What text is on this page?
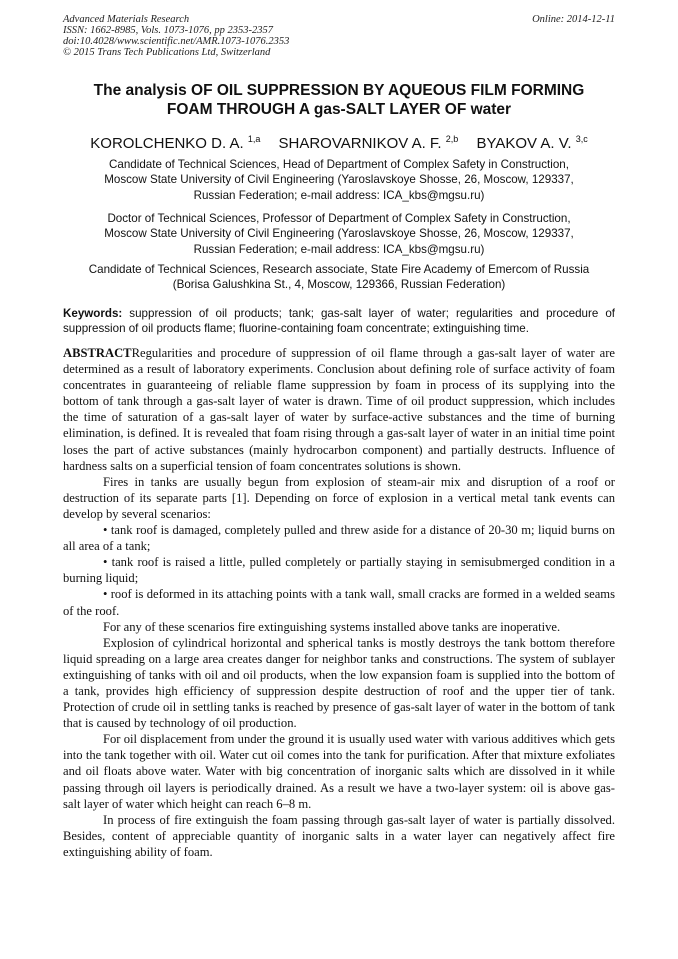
Advanced Materials Research
ISSN: 1662-8985, Vols. 1073-1076, pp 2353-2357
doi:10.4028/www.scientific.net/AMR.1073-1076.2353
© 2015 Trans Tech Publications Ltd, Switzerland
Online: 2014-12-11
The analysis OF OIL SUPPRESSION BY AQUEOUS FILM FORMING
FOAM THROUGH A gas-SALT LAYER OF water
KOROLCHENKO D. A. $^{1,a}$ SHAROVARNIKOV A. F. $^{2,b}$ BYAKOV A. V. $^{3,c}$
Candidate of Technical Sciences, Head of Department of Complex Safety in Construction,
Moscow State University of Civil Engineering (Yaroslavskoye Shosse, 26, Moscow, 129337,
Russian Federation; e-mail address: ICA_kbs@mgsu.ru)
Doctor of Technical Sciences, Professor of Department of Complex Safety in Construction,
Moscow State University of Civil Engineering (Yaroslavskoye Shosse, 26, Moscow, 129337,
Russian Federation; e-mail address: ICA_kbs@mgsu.ru)
Candidate of Technical Sciences, Research associate, State Fire Academy of Emercom of Russia
(Borisa Galushkina St., 4, Moscow, 129366, Russian Federation)
Keywords: suppression of oil products; tank; gas-salt layer of water; regularities and procedure of suppression of oil products flame; fluorine-containing foam concentrate; extinguishing time.

ABSTRACTRegularities and procedure of suppression of oil flame through a gas-salt layer of water are determined as a result of laboratory experiments. Conclusion about defining role of surface activity of foam concentrates in guaranteeing of reliable flame suppression by foam in process of its supplying into the bottom of tank through a gas-salt layer of water is drawn. Time of oil product suppression, which includes the time of saturation of a gas-salt layer of water by surface-active substances and the time of burning elimination, is defined. It is revealed that foam rising through a gas-salt layer of water in an initial time point loses the part of active substances (mainly hydrocarbon component) and partially destructs. Influence of hardness salts on a superficial tension of foam concentrates solutions is shown.

Fires in tanks are usually begun from explosion of steam-air mix and disruption of a roof or destruction of its separate parts [1]. Depending on force of explosion in a vertical metal tank events can develop by several scenarios:

• tank roof is damaged, completely pulled and threw aside for a distance of 20-30 m; liquid burns on all area of a tank;

• tank roof is raised a little, pulled completely or partially staying in semisubmerged condition in a burning liquid;

• roof is deformed in its attaching points with a tank wall, small cracks are formed in a welded seams of the roof.

For any of these scenarios fire extinguishing systems installed above tanks are inoperative.

Explosion of cylindrical horizontal and spherical tanks is mostly destroys the tank bottom therefore liquid spreading on a large area creates danger for neighbor tanks and constructions. The system of sublayer extinguishing of tanks with oil and oil products, when the low expansion foam is supplied into the bottom of a tank, provides high efficiency of suppression despite destruction of roof and the upper tier of tank. Protection of crude oil in settling tanks is reached by presence of gas-salt layer of water in the bottom of tank that is caused by technology of oil production.

For oil displacement from under the ground it is usually used water with various additives which gets into the tank together with oil. Water cut oil comes into the tank for purification. After that mixture exfoliates and oil floats above water. Water with big concentration of inorganic salts which are dissolved in it while passing through oil layers is periodically drained. As a result we have a two-layer system: oil is above gas-salt layer of water which height can reach 6–8 m.

In process of fire extinguish the foam passing through gas-salt layer of water is partially dissolved. Besides, content of appreciable quantity of inorganic salts in a water layer can negatively affect fire extinguishing ability of foam.
